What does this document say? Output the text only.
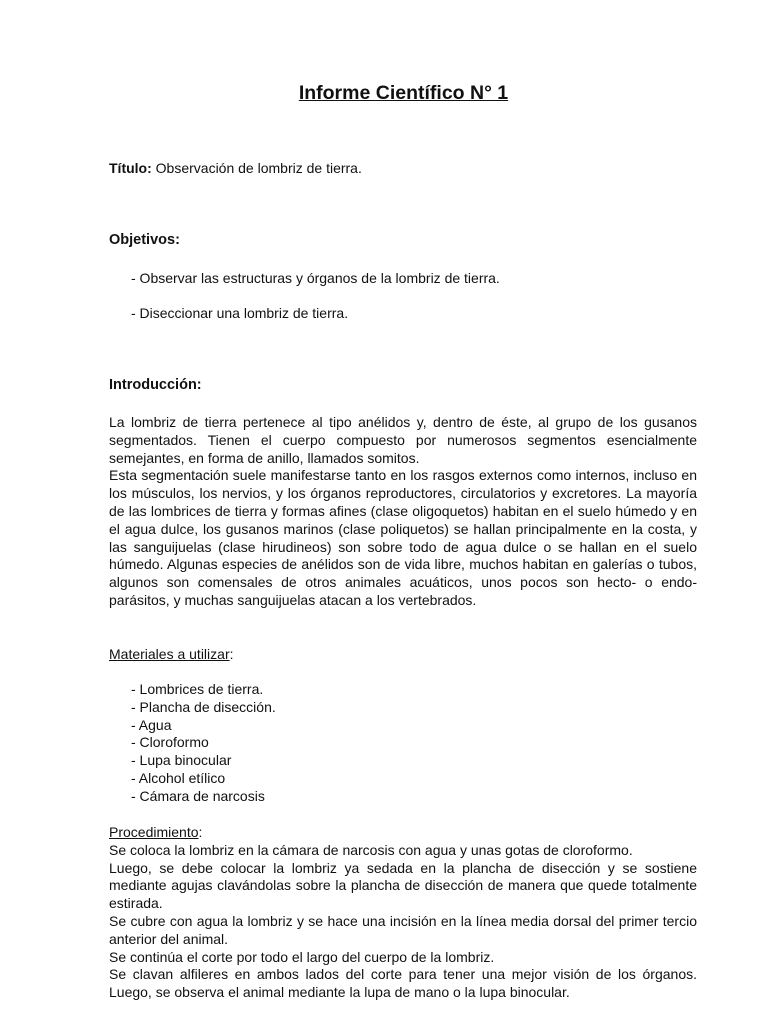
Informe Científico N° 1

Título: Observación de lombriz de tierra.

Objetivos:

- Observar las estructuras y órganos de la lombriz de tierra.

- Diseccionar una lombriz de tierra.

Introducción:

La lombriz de tierra pertenece al tipo anélidos y, dentro de éste, al grupo de los gusanos segmentados. Tienen el cuerpo compuesto por numerosos segmentos esencialmente semejantes, en forma de anillo, llamados somitos.

Esta segmentación suele manifestarse tanto en los rasgos externos como internos, incluso en los músculos, los nervios, y los órganos reproductores, circulatorios y excretores. La mayoría de las lombrices de tierra y formas afines (clase oligoquetos) habitan en el suelo húmedo y en el agua dulce, los gusanos marinos (clase poliquetos) se hallan principalmente en la costa, y las sanguijuelas (clase hirudineos) son sobre todo de agua dulce o se hallan en el suelo húmedo. Algunas especies de anélidos son de vida libre, muchos habitan en galerías o tubos, algunos son comensales de otros animales acuáticos, unos pocos son hecto- o endo- parásitos, y muchas sanguijuelas atacan a los vertebrados.

Materiales a utilizar:

- Lombrices de tierra.
- Plancha de disección.
- Agua
- Cloroformo
- Lupa binocular
- Alcohol etílico
- Cámara de narcosis

Procedimiento:

Se coloca la lombriz en la cámara de narcosis con agua y unas gotas de cloroformo.

Luego, se debe colocar la lombriz ya sedada en la plancha de disección y se sostiene mediante agujas clavándolas sobre la plancha de disección de manera que quede totalmente estirada.

Se cubre con agua la lombriz y se hace una incisión en la línea media dorsal del primer tercio anterior del animal.

Se continúa el corte por todo el largo del cuerpo de la lombriz.

Se clavan alfileres en ambos lados del corte para tener una mejor visión de los órganos. Luego, se observa el animal mediante la lupa de mano o la lupa binocular.
